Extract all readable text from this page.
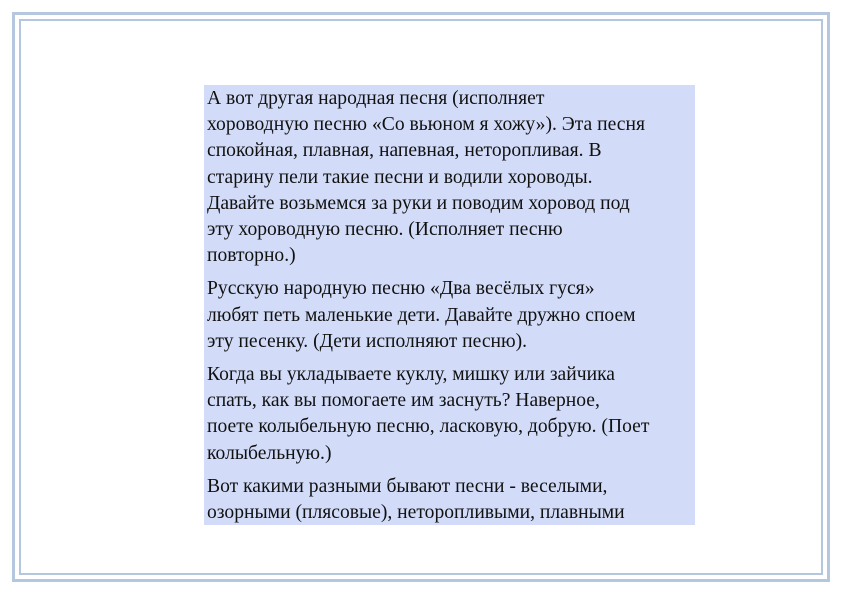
А вот другая народная песня (исполняет
хороводную песню «Со вьюном я хожу»). Эта песня
спокойная, плавная, напевная, неторопливая. В
старину пели такие песни и водили хороводы.
Давайте возьмемся за руки и поводим хоровод под
эту хороводную песню. (Исполняет песню
повторно.)
Русскую народную песню «Два весёлых гуся»
любят петь маленькие дети. Давайте дружно споем
эту песенку. (Дети исполняют песню).
Когда вы укладываете куклу, мишку или зайчика
спать, как вы помогаете им заснуть? Наверное,
поете колыбельную песню, ласковую, добрую. (Поет
колыбельную.)
Вот какими разными бывают песни - веселыми,
озорными (плясовые), неторопливыми, плавными
